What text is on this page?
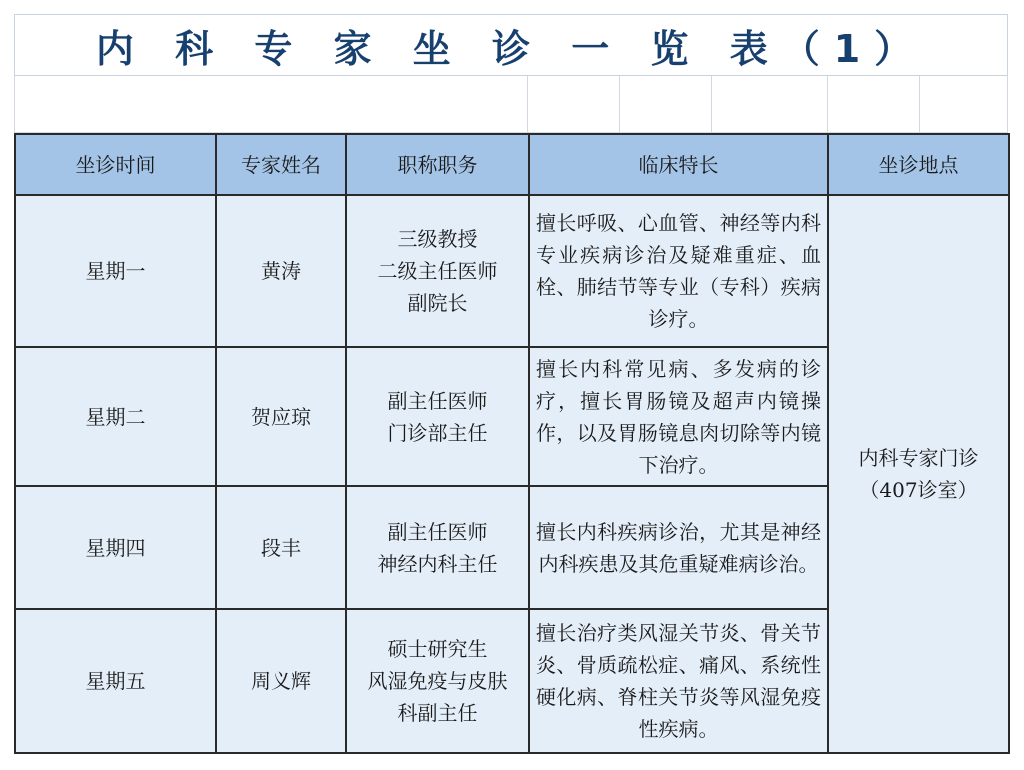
内 科 专 家 坐 诊 一 览 表（1）
坐诊时间	专家姓名	职称职务	临床特长	坐诊地点
星期一	黄涛	三级教授
二级主任医师
副院长	擅长呼吸、心血管、神经等内科专业疾病诊治及疑难重症、血栓、肺结节等专业（专科）疾病诊疗。	内科专家门诊
（407诊室）

星期二	贺应琼	副主任医师
门诊部主任	擅长内科常见病、多发病的诊疗，擅长胃肠镜及超声内镜操作，以及胃肠镜息肉切除等内镜下治疗。	
星期四	段丰	副主任医师
神经内科主任	擅长内科疾病诊治，尤其是神经内科疾患及其危重疑难病诊治。	
星期五	周义辉	硕士研究生
风湿免疫与皮肤
科副主任	擅长治疗类风湿关节炎、骨关节炎、骨质疏松症、痛风、系统性硬化病、脊柱关节炎等风湿免疫性疾病。	
